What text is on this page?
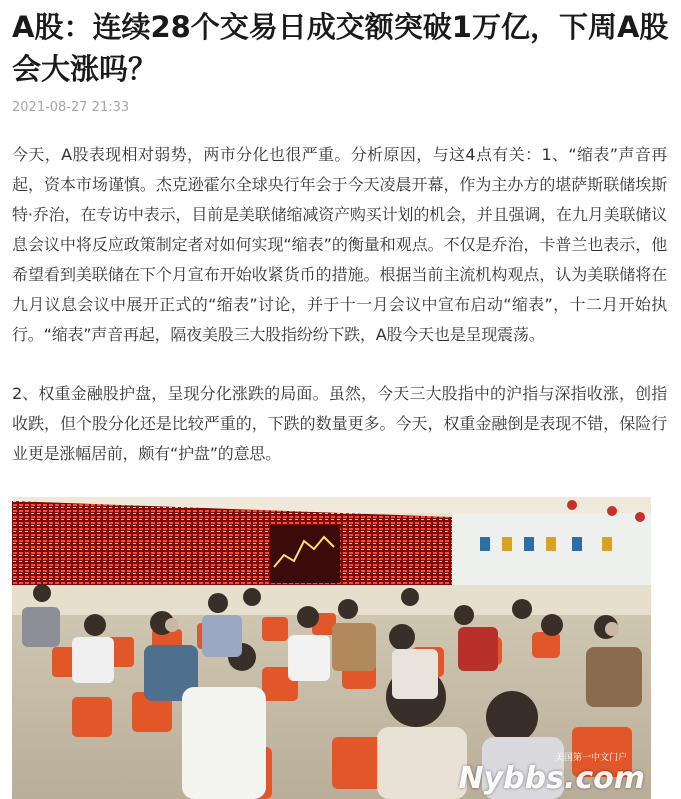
A股：连续28个交易日成交额突破1万亿，下周A股会大涨吗？
2021-08-27 21:33

今天，A股表现相对弱势，两市分化也很严重。分析原因，与这4点有关：1、“缩表”声音再起，资本市场谨慎。杰克逊霍尔全球央行年会于今天凌晨开幕，作为主办方的堪萨斯联储埃斯特·乔治，在专访中表示，目前是美联储缩减资产购买计划的机会，并且强调，在九月美联储议息会议中将反应政策制定者对如何实现“缩表”的衡量和观点。不仅是乔治，卡普兰也表示，他希望看到美联储在下个月宣布开始收紧货币的措施。根据当前主流机构观点，认为美联储将在九月议息会议中展开正式的“缩表”讨论，并于十一月会议中宣布启动“缩表”，十二月开始执行。“缩表”声音再起，隔夜美股三大股指纷纷下跌，A股今天也是呈现震荡。

2、权重金融股护盘，呈现分化涨跌的局面。虽然，今天三大股指中的沪指与深指收涨，创指收跌，但个股分化还是比较严重的，下跌的数量更多。今天，权重金融倒是表现不错，保险行业更是涨幅居前，颇有“护盘”的意思。

美国第一中文门户
Nybbs.com
